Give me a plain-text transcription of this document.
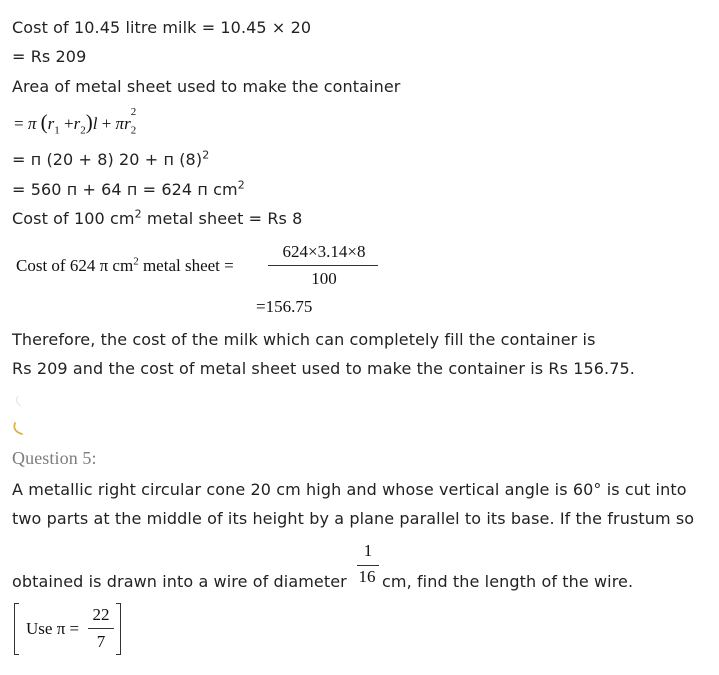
Cost of 10.45 litre milk = 10.45 × 20
= Rs 209
Area of metal sheet used to make the container
= π $(r_1 +r_2)l + \pi r_2$
2
= п (20 + 8) 20 + п $(8)^2$
= 560 п + 64 п = 624 п $cm^2$
Cost of 100 $cm^2$ metal sheet = Rs 8
Cost of 624 π $cm^2$ metal sheet =
624×3.14×8
100
=156.75
Therefore, the cost of the milk which can completely fill the container is
Rs 209 and the cost of metal sheet used to make the container is Rs 156.75.
Question 5:
A metallic right circular cone 20 cm high and whose vertical angle is 60° is cut into
two parts at the middle of its height by a plane parallel to its base. If the frustum so
obtained is drawn into a wire of diameter
1
16 cm, find the length of the wire.
Use π =
22
7
